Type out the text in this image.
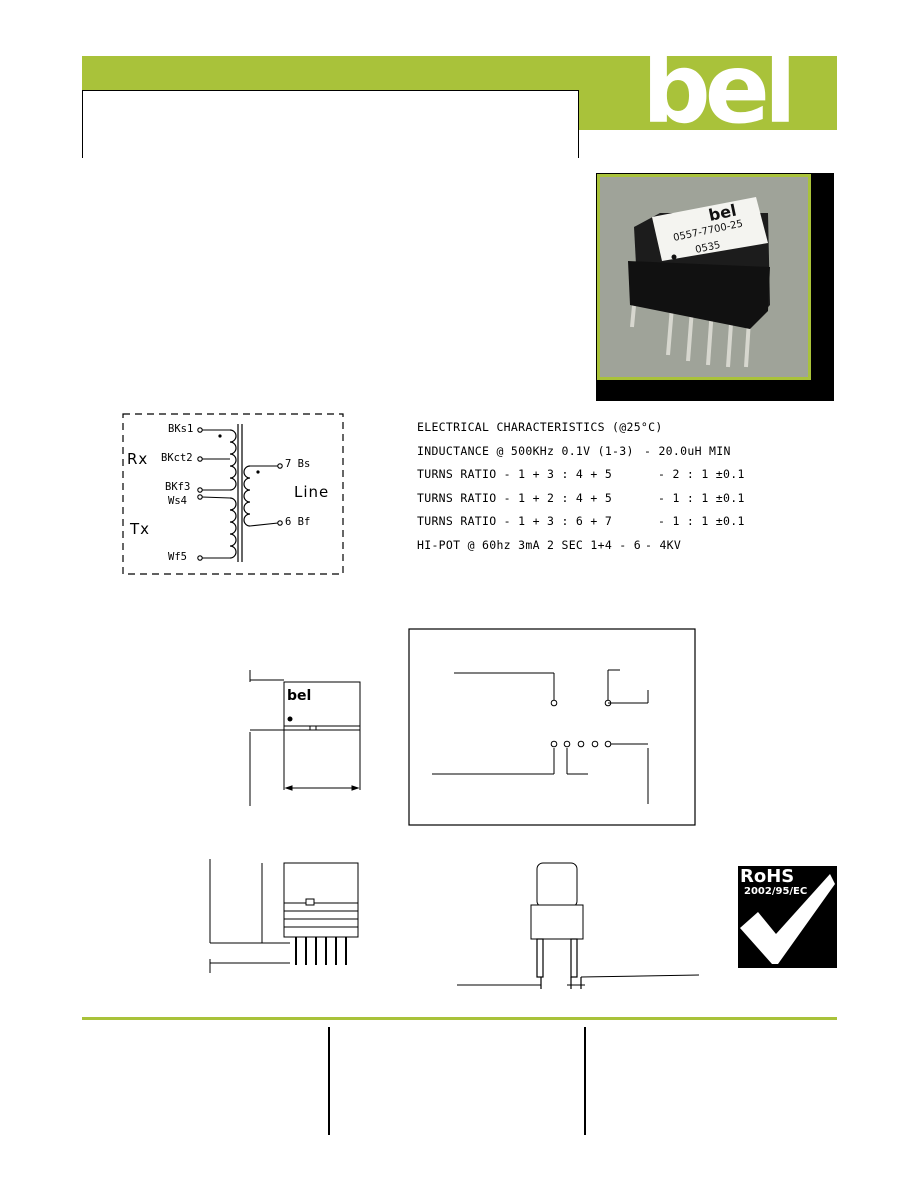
bel
bel
0557-7700-25
0535
BKs1
BKct2
BKf3
Ws4
Wf5
7 Bs
6 Bf
Rx
Tx
Line
ELECTRICAL CHARACTERISTICS (@25°C)
INDUCTANCE @ 500KHz 0.1V (1-3) - 20.0uH MIN
TURNS RATIO - 1 + 3 : 4 + 5	- 2 : 1 ±0.1
TURNS RATIO - 1 + 2 : 4 + 5	- 1 : 1 ±0.1
TURNS RATIO - 1 + 3 : 6 + 7	- 1 : 1 ±0.1
HI-POT @ 60hz 3mA 2 SEC 1+4 - 6 - 4KV
bel
RoHS
2002/95/EC
